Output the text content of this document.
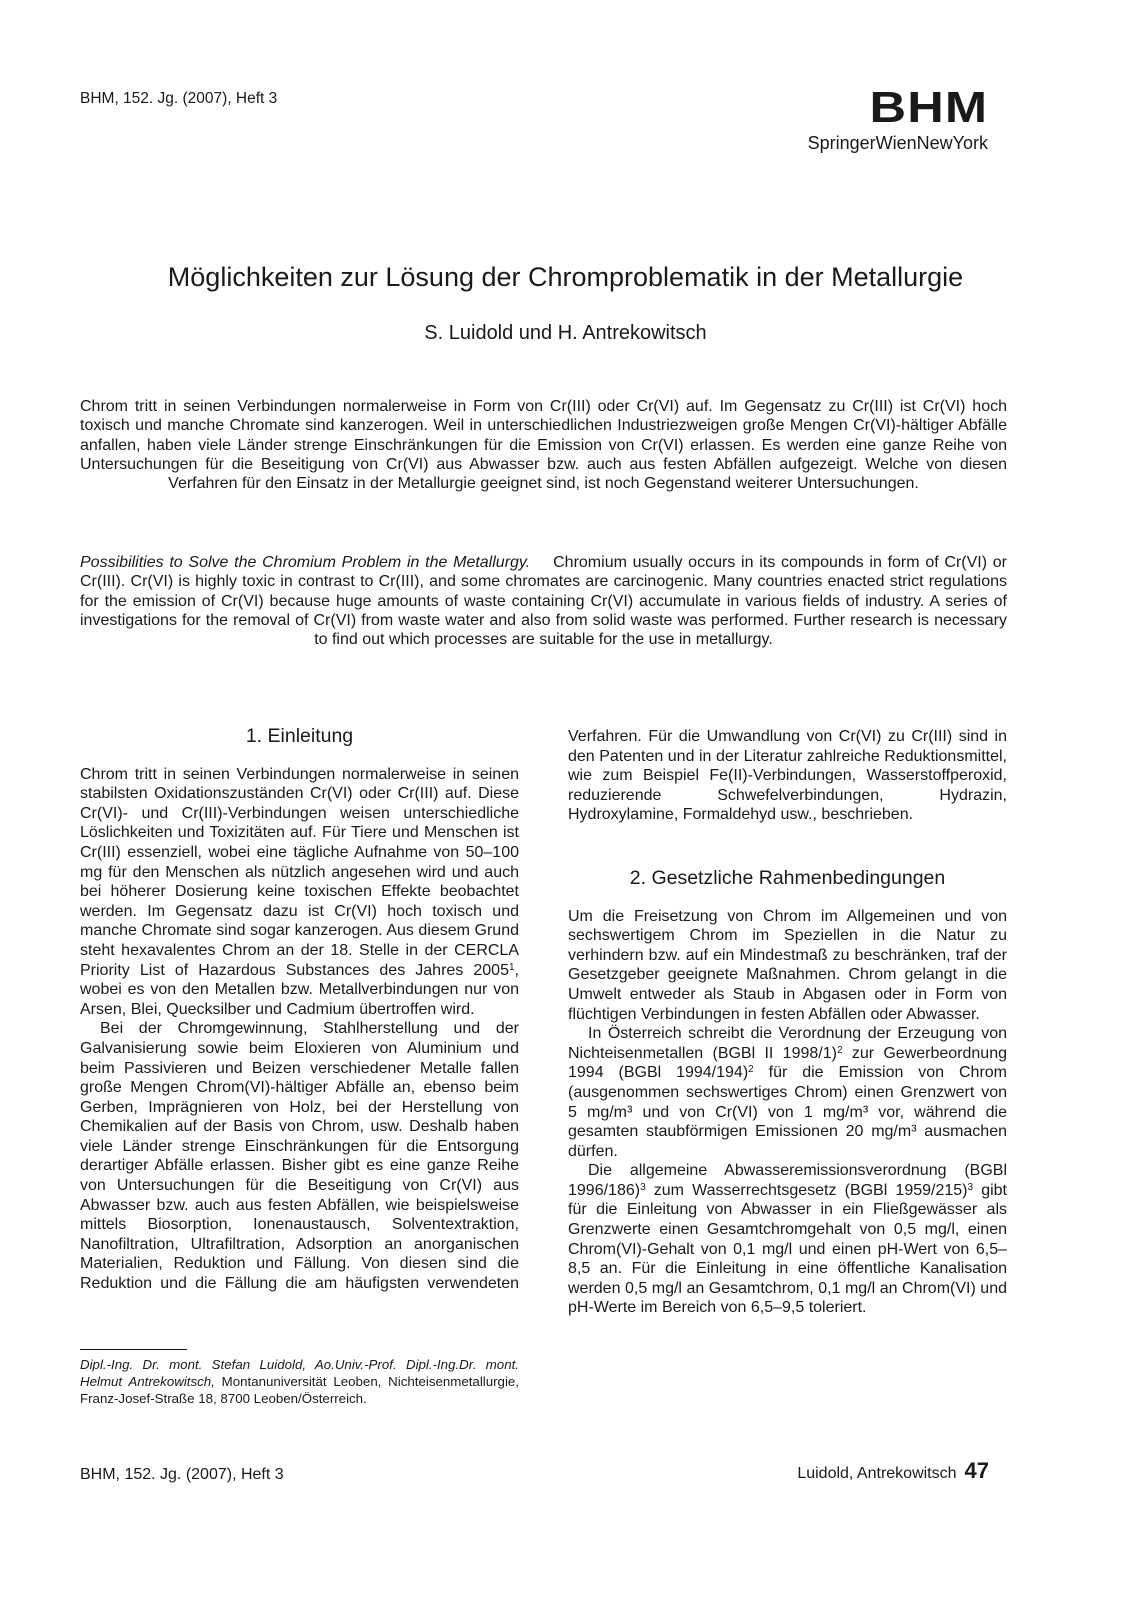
BHM, 152. Jg. (2007), Heft 3	BHM
SpringerWienNewYork
Möglichkeiten zur Lösung der Chromproblematik in der Metallurgie
S. Luidold und H. Antrekowitsch
Chrom tritt in seinen Verbindungen normalerweise in Form von Cr(III) oder Cr(VI) auf. Im Gegensatz zu Cr(III) ist Cr(VI) hoch toxisch und manche Chromate sind kanzerogen. Weil in unterschiedlichen Industriezweigen große Mengen Cr(VI)-hältiger Abfälle anfallen, haben viele Länder strenge Einschränkungen für die Emission von Cr(VI) erlassen. Es werden eine ganze Reihe von Untersuchungen für die Beseitigung von Cr(VI) aus Abwasser bzw. auch aus festen Abfällen aufgezeigt. Welche von diesen Verfahren für den Einsatz in der Metallurgie geeignet sind, ist noch Gegenstand weiterer Untersuchungen.
Possibilities to Solve the Chromium Problem in the Metallurgy. Chromium usually occurs in its compounds in form of Cr(VI) or Cr(III). Cr(VI) is highly toxic in contrast to Cr(III), and some chromates are carcinogenic. Many countries enacted strict regulations for the emission of Cr(VI) because huge amounts of waste containing Cr(VI) accumulate in various fields of industry. A series of investigations for the removal of Cr(VI) from waste water and also from solid waste was performed. Further research is necessary to find out which processes are suitable for the use in metallurgy.
1. Einleitung

Chrom tritt in seinen Verbindungen normalerweise in seinen stabilsten Oxidationszuständen Cr(VI) oder Cr(III) auf. Diese Cr(VI)- und Cr(III)-Verbindungen weisen unterschiedliche Löslichkeiten und Toxizitäten auf. Für Tiere und Menschen ist Cr(III) essenziell, wobei eine tägliche Aufnahme von 50–100 mg für den Menschen als nützlich angesehen wird und auch bei höherer Dosierung keine toxischen Effekte beobachtet werden. Im Gegensatz dazu ist Cr(VI) hoch toxisch und manche Chromate sind sogar kanzerogen. Aus diesem Grund steht hexavalentes Chrom an der 18. Stelle in der CERCLA Priority List of Hazardous Substances des Jahres 2005$^1$, wobei es von den Metallen bzw. Metallverbindungen nur von Arsen, Blei, Quecksilber und Cadmium übertroffen wird.

Bei der Chromgewinnung, Stahlherstellung und der Galvanisierung sowie beim Eloxieren von Aluminium und beim Passivieren und Beizen verschiedener Metalle fallen große Mengen Chrom(VI)-hältiger Abfälle an, ebenso beim Gerben, Imprägnieren von Holz, bei der Herstellung von Chemikalien auf der Basis von Chrom, usw. Deshalb haben viele Länder strenge Einschränkungen für die Entsorgung derartiger Abfälle erlassen. Bisher gibt es eine ganze Reihe von Untersuchungen für die Beseitigung von Cr(VI) aus Abwasser bzw. auch aus festen Abfällen, wie beispielsweise mittels Biosorption, Ionenaustausch, Solventextraktion, Nanofiltration, Ultrafiltration, Adsorption an anorganischen Materialien, Reduktion und Fällung. Von diesen sind die Reduktion und die Fällung die am häufigsten verwendeten

Verfahren. Für die Umwandlung von Cr(VI) zu Cr(III) sind in den Patenten und in der Literatur zahlreiche Reduktionsmittel, wie zum Beispiel Fe(II)-Verbindungen, Wasserstoffperoxid, reduzierende Schwefelverbindungen, Hydrazin, Hydroxylamine, Formaldehyd usw., beschrieben.

2. Gesetzliche Rahmenbedingungen

Um die Freisetzung von Chrom im Allgemeinen und von sechswertigem Chrom im Speziellen in die Natur zu verhindern bzw. auf ein Mindestmaß zu beschränken, traf der Gesetzgeber geeignete Maßnahmen. Chrom gelangt in die Umwelt entweder als Staub in Abgasen oder in Form von flüchtigen Verbindungen in festen Abfällen oder Abwasser.

In Österreich schreibt die Verordnung der Erzeugung von Nichteisenmetallen (BGBl II 1998/1)$^2$ zur Gewerbeordnung 1994 (BGBl 1994/194)$^2$ für die Emission von Chrom (ausgenommen sechswertiges Chrom) einen Grenzwert von 5 mg/m³ und von Cr(VI) von 1 mg/m³ vor, während die gesamten staubförmigen Emissionen 20 mg/m³ ausmachen dürfen.

Die allgemeine Abwasseremissionsverordnung (BGBl 1996/186)$^3$ zum Wasserrechtsgesetz (BGBl 1959/215)$^3$ gibt für die Einleitung von Abwasser in ein Fließgewässer als Grenzwerte einen Gesamtchromgehalt von 0,5 mg/l, einen Chrom(VI)-Gehalt von 0,1 mg/l und einen pH-Wert von 6,5–8,5 an. Für die Einleitung in eine öffentliche Kanalisation werden 0,5 mg/l an Gesamtchrom, 0,1 mg/l an Chrom(VI) und pH-Werte im Bereich von 6,5–9,5 toleriert.

Dipl.-Ing. Dr. mont. Stefan Luidold, Ao.Univ.-Prof. Dipl.-Ing.Dr. mont. Helmut Antrekowitsch, Montanuniversität Leoben, Nichteisenmetallurgie, Franz-Josef-Straße 18, 8700 Leoben/Österreich.
BHM, 152. Jg. (2007), Heft 3	Luidold, Antrekowitsch 47
